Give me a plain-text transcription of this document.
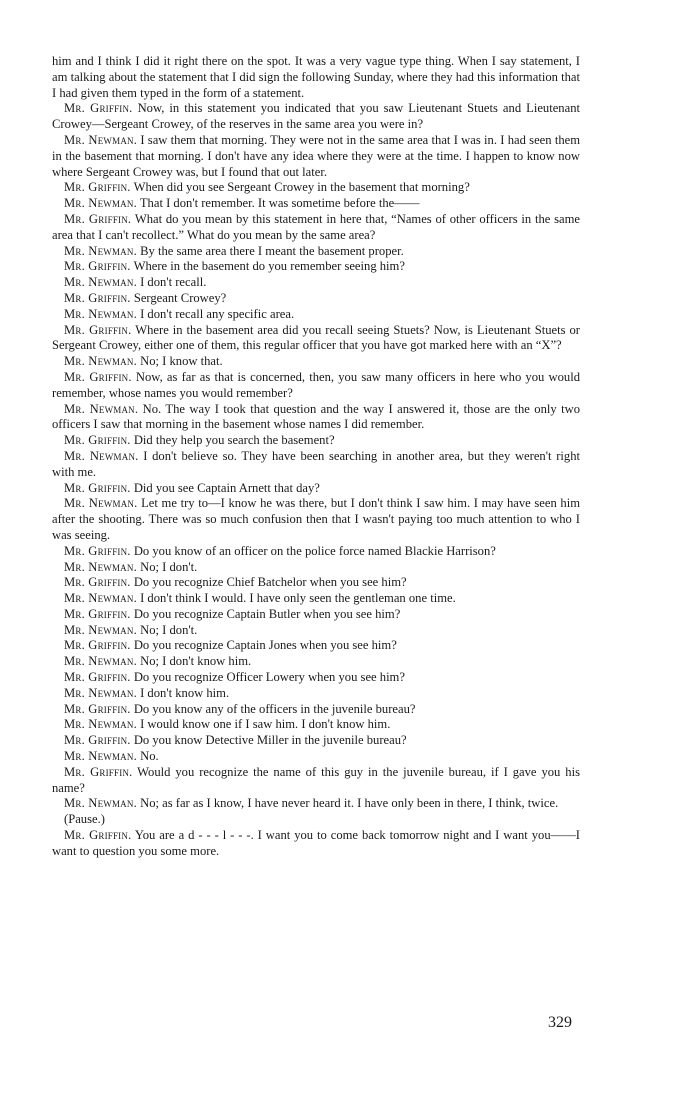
him and I think I did it right there on the spot. It was a very vague type thing. When I say statement, I am talking about the statement that I did sign the following Sunday, where they had this information that I had given them typed in the form of a statement.

Mr. Griffin. Now, in this statement you indicated that you saw Lieutenant Stuets and Lieutenant Crowey—Sergeant Crowey, of the reserves in the same area you were in?

Mr. Newman. I saw them that morning. They were not in the same area that I was in. I had seen them in the basement that morning. I don't have any idea where they were at the time. I happen to know now where Sergeant Crowey was, but I found that out later.

Mr. Griffin. When did you see Sergeant Crowey in the basement that morning?

Mr. Newman. That I don't remember. It was sometime before the——

Mr. Griffin. What do you mean by this statement in here that, “Names of other officers in the same area that I can't recollect.” What do you mean by the same area?

Mr. Newman. By the same area there I meant the basement proper.

Mr. Griffin. Where in the basement do you remember seeing him?

Mr. Newman. I don't recall.

Mr. Griffin. Sergeant Crowey?

Mr. Newman. I don't recall any specific area.

Mr. Griffin. Where in the basement area did you recall seeing Stuets? Now, is Lieutenant Stuets or Sergeant Crowey, either one of them, this regular officer that you have got marked here with an “X”?

Mr. Newman. No; I know that.

Mr. Griffin. Now, as far as that is concerned, then, you saw many officers in here who you would remember, whose names you would remember?

Mr. Newman. No. The way I took that question and the way I answered it, those are the only two officers I saw that morning in the basement whose names I did remember.

Mr. Griffin. Did they help you search the basement?

Mr. Newman. I don't believe so. They have been searching in another area, but they weren't right with me.

Mr. Griffin. Did you see Captain Arnett that day?

Mr. Newman. Let me try to—I know he was there, but I don't think I saw him. I may have seen him after the shooting. There was so much confusion then that I wasn't paying too much attention to who I was seeing.

Mr. Griffin. Do you know of an officer on the police force named Blackie Harrison?

Mr. Newman. No; I don't.

Mr. Griffin. Do you recognize Chief Batchelor when you see him?

Mr. Newman. I don't think I would. I have only seen the gentleman one time.

Mr. Griffin. Do you recognize Captain Butler when you see him?

Mr. Newman. No; I don't.

Mr. Griffin. Do you recognize Captain Jones when you see him?

Mr. Newman. No; I don't know him.

Mr. Griffin. Do you recognize Officer Lowery when you see him?

Mr. Newman. I don't know him.

Mr. Griffin. Do you know any of the officers in the juvenile bureau?

Mr. Newman. I would know one if I saw him. I don't know him.

Mr. Griffin. Do you know Detective Miller in the juvenile bureau?

Mr. Newman. No.

Mr. Griffin. Would you recognize the name of this guy in the juvenile bureau, if I gave you his name?

Mr. Newman. No; as far as I know, I have never heard it. I have only been in there, I think, twice.

(Pause.)

Mr. Griffin. You are a d - - - l - - -. I want you to come back tomorrow night and I want you——I want to question you some more.

329
